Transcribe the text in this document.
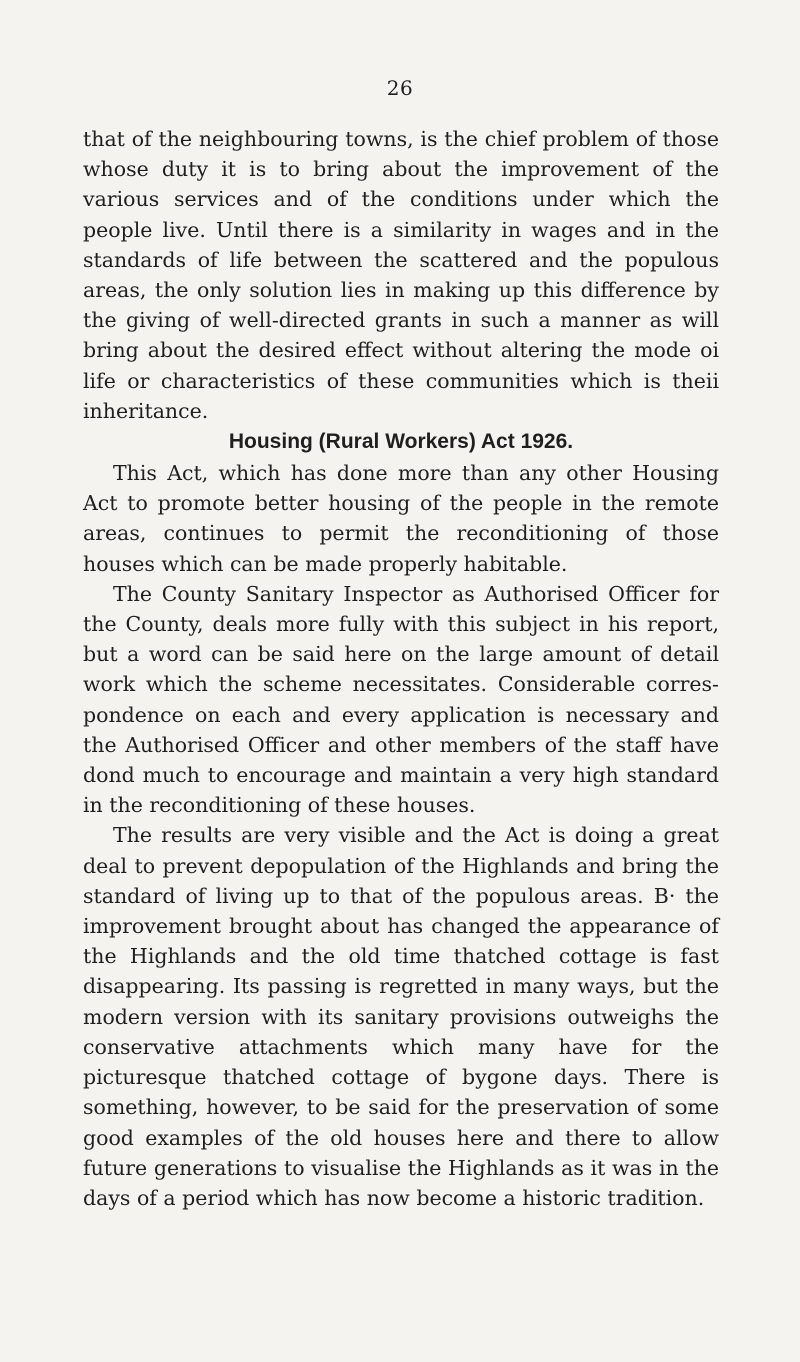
26

that of the neighbouring towns, is the chief problem of those whose duty it is to bring about the improvement of the various services and of the conditions under which the people live. Until there is a similarity in wages and in the standards of life between the scattered and the populous areas, the only solution lies in making up this difference by the giving of well-directed grants in such a manner as will bring about the desired effect without altering the mode oi life or characteristics of these communities which is theii inheritance.

Housing (Rural Workers) Act 1926.

This Act, which has done more than any other Housing Act to promote better housing of the people in the remote areas, continues to permit the reconditioning of those houses which can be made properly habitable.

The County Sanitary Inspector as Authorised Officer for the County, deals more fully with this subject in his report, but a word can be said here on the large amount of detail work which the scheme necessitates. Considerable corres- pondence on each and every application is necessary and the Authorised Officer and other members of the staff have dond much to encourage and maintain a very high standard in the reconditioning of these houses.

The results are very visible and the Act is doing a great deal to prevent depopulation of the Highlands and bring the standard of living up to that of the populous areas. B· the improvement brought about has changed the appearance of the Highlands and the old time thatched cottage is fast disappearing. Its passing is regretted in many ways, but the modern version with its sanitary provisions outweighs the conservative attachments which many have for the picturesque thatched cottage of bygone days. There is something, however, to be said for the preservation of some good examples of the old houses here and there to allow future generations to visualise the Highlands as it was in the days of a period which has now become a historic tradition.
